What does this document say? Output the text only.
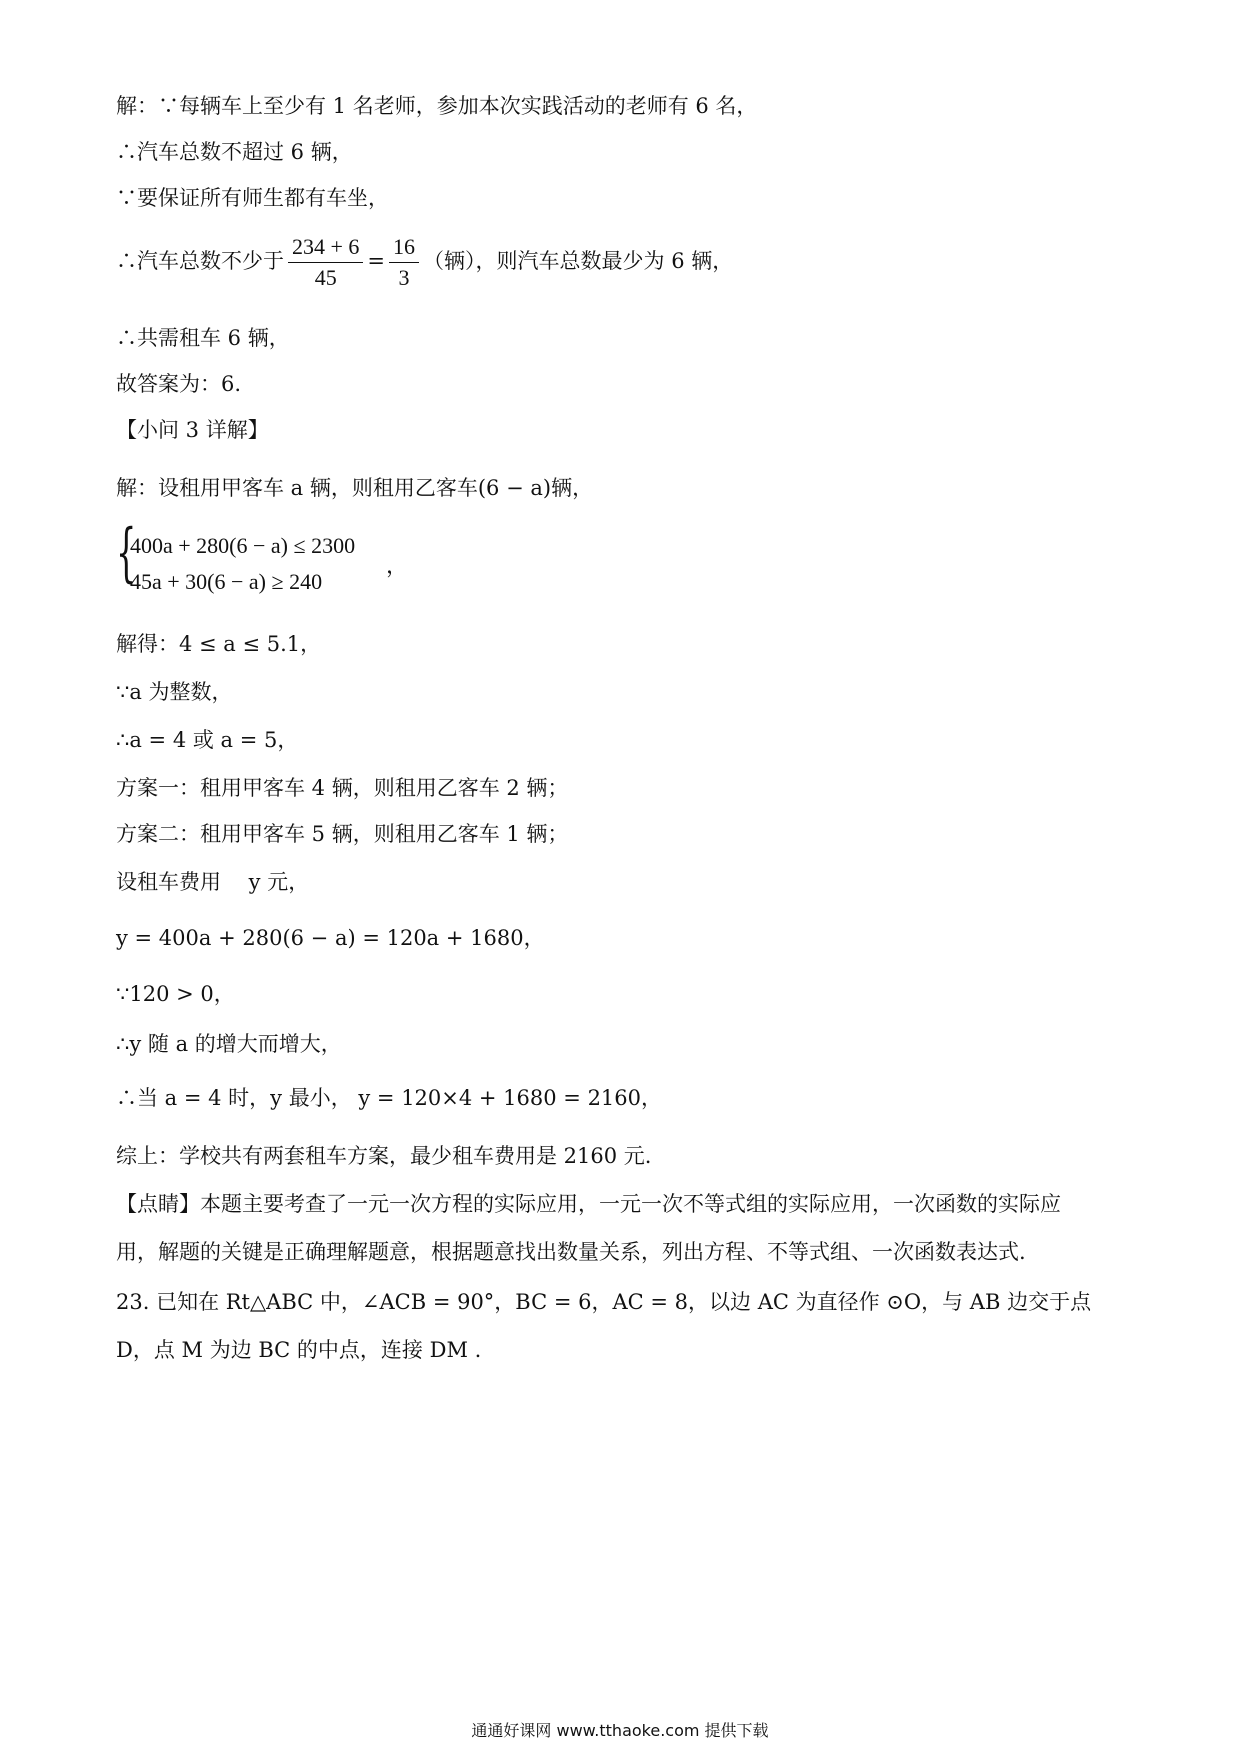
解：∵每辆车上至少有 1 名老师，参加本次实践活动的老师有 6 名，
∴汽车总数不超过 6 辆，
∵要保证所有师生都有车坐，
∴汽车总数不少于 $\frac{234 + 6}{45} = \frac{16}{3}$ （辆），则汽车总数最少为 6 辆，
∴共需租车 6 辆，
故答案为：6.
【小问 3 详解】
解：设租用甲客车 a 辆，则租用乙客车(6 − a)辆，
{
400a + 280(6 − a) ≤ 2300
45a + 30(6 − a) ≥ 240
，
解得：4 ≤ a ≤ 5.1，
∵a 为整数，
∴a = 4 或 a = 5，
方案一：租用甲客车 4 辆，则租用乙客车 2 辆；
方案二：租用甲客车 5 辆，则租用乙客车 1 辆；
设租车费用　 y 元，
y = 400a + 280(6 − a) = 120a + 1680，
∵120 > 0，
∴y 随 a 的增大而增大，
∴当 a = 4 时，y 最小， y = 120×4 + 1680 = 2160，
综上：学校共有两套租车方案，最少租车费用是 2160 元.
【点睛】本题主要考查了一元一次方程的实际应用，一元一次不等式组的实际应用，一次函数的实际应
用，解题的关键是正确理解题意，根据题意找出数量关系，列出方程、不等式组、一次函数表达式.
23. 已知在 Rt△ABC 中，∠ACB = 90°，BC = 6，AC = 8，以边 AC 为直径作 ⊙O，与 AB 边交于点
D，点 M 为边 BC 的中点，连接 DM .
通通好课网 www.tthaoke.com 提供下载
